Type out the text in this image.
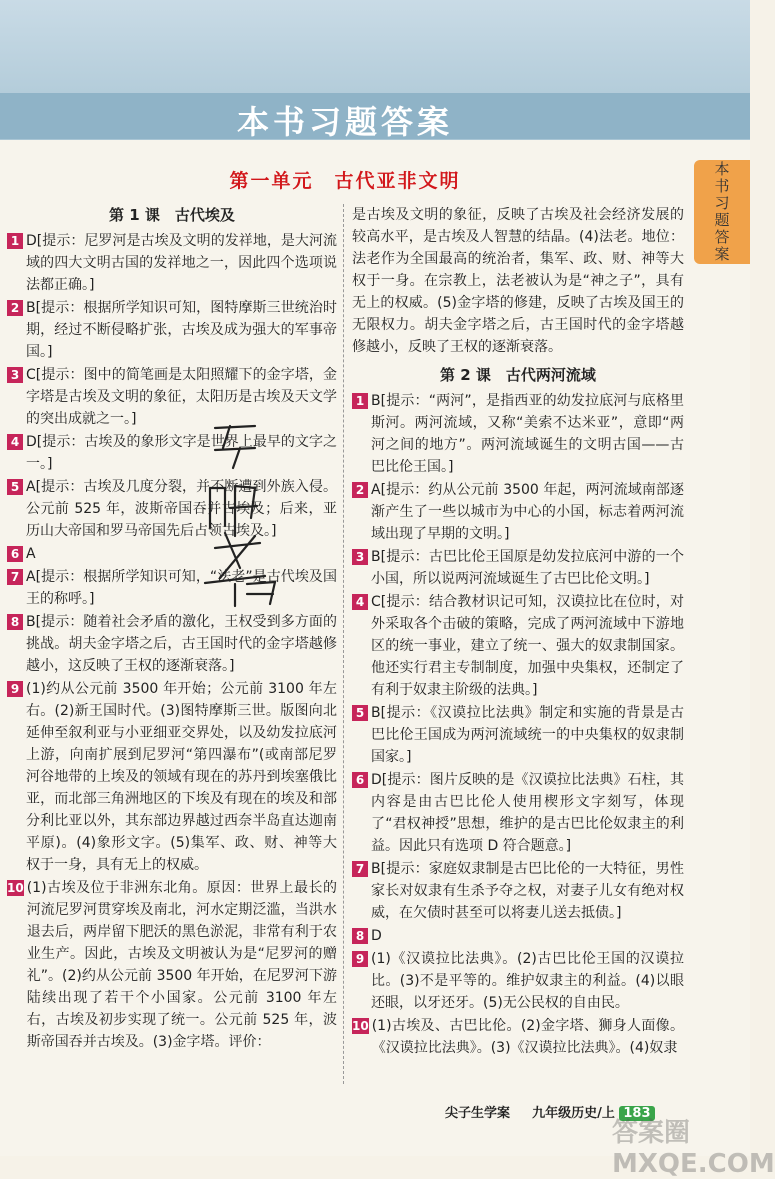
本书习题答案
本书习题答案
第一单元　古代亚非文明
第 1 课　古代埃及
1 D[提示：尼罗河是古埃及文明的发祥地，是大河流域的四大文明古国的发祥地之一，因此四个选项说法都正确。]
2 B[提示：根据所学知识可知，图特摩斯三世统治时期，经过不断侵略扩张，古埃及成为强大的军事帝国。]
3 C[提示：图中的简笔画是太阳照耀下的金字塔，金字塔是古埃及文明的象征，太阳历是古埃及天文学的突出成就之一。]
4 D[提示：古埃及的象形文字是世界上最早的文字之一。]
5 A[提示：古埃及几度分裂，并不断遭到外族入侵。公元前 525 年，波斯帝国吞并古埃及；后来，亚历山大帝国和罗马帝国先后占领古埃及。]
6 A
7 A[提示：根据所学知识可知，“法老”是古代埃及国王的称呼。]
8 B[提示：随着社会矛盾的激化，王权受到多方面的挑战。胡夫金字塔之后，古王国时代的金字塔越修越小，这反映了王权的逐渐衰落。]
9 (1)约从公元前 3500 年开始；公元前 3100 年左右。(2)新王国时代。(3)图特摩斯三世。版图向北延伸至叙利亚与小亚细亚交界处，以及幼发拉底河上游，向南扩展到尼罗河“第四瀑布”(或南部尼罗河谷地带的上埃及的领域有现在的苏丹到埃塞俄比亚，而北部三角洲地区的下埃及有现在的埃及和部分利比亚以外，其东部边界越过西奈半岛直达迦南平原)。(4)象形文字。(5)集军、政、财、神等大权于一身，具有无上的权威。
10 (1)古埃及位于非洲东北角。原因：世界上最长的河流尼罗河贯穿埃及南北，河水定期泛滥，当洪水退去后，两岸留下肥沃的黑色淤泥，非常有利于农业生产。因此，古埃及文明被认为是“尼罗河的赠礼”。(2)约从公元前 3500 年开始，在尼罗河下游陆续出现了若干个小国家。公元前 3100 年左右，古埃及初步实现了统一。公元前 525 年，波斯帝国吞并古埃及。(3)金字塔。评价：
是古埃及文明的象征，反映了古埃及社会经济发展的较高水平，是古埃及人智慧的结晶。(4)法老。地位：法老作为全国最高的统治者，集军、政、财、神等大权于一身。在宗教上，法老被认为是“神之子”，具有无上的权威。(5)金字塔的修建，反映了古埃及国王的无限权力。胡夫金字塔之后，古王国时代的金字塔越修越小，反映了王权的逐渐衰落。
第 2 课　古代两河流域
1 B[提示：“两河”，是指西亚的幼发拉底河与底格里斯河。两河流域，又称“美索不达米亚”，意即“两河之间的地方”。两河流域诞生的文明古国——古巴比伦王国。]
2 A[提示：约从公元前 3500 年起，两河流域南部逐渐产生了一些以城市为中心的小国，标志着两河流域出现了早期的文明。]
3 B[提示：古巴比伦王国原是幼发拉底河中游的一个小国，所以说两河流域诞生了古巴比伦文明。]
4 C[提示：结合教材识记可知，汉谟拉比在位时，对外采取各个击破的策略，完成了两河流域中下游地区的统一事业，建立了统一、强大的奴隶制国家。他还实行君主专制制度，加强中央集权，还制定了有利于奴隶主阶级的法典。]
5 B[提示：《汉谟拉比法典》制定和实施的背景是古巴比伦王国成为两河流域统一的中央集权的奴隶制国家。]
6 D[提示：图片反映的是《汉谟拉比法典》石柱，其内容是由古巴比伦人使用楔形文字刻写，体现了“君权神授”思想，维护的是古巴比伦奴隶主的利益。因此只有选项 D 符合题意。]
7 B[提示：家庭奴隶制是古巴比伦的一大特征，男性家长对奴隶有生杀予夺之权，对妻子儿女有绝对权威，在欠债时甚至可以将妻儿送去抵债。]
8 D
9 (1)《汉谟拉比法典》。(2)古巴比伦王国的汉谟拉比。(3)不是平等的。维护奴隶主的利益。(4)以眼还眼，以牙还牙。(5)无公民权的自由民。
10 (1)古埃及、古巴比伦。(2)金字塔、狮身人面像。《汉谟拉比法典》。(3)《汉谟拉比法典》。(4)奴隶
尖子生学案 　 九年级历史/上 183
答案圈 MXQE.COM
